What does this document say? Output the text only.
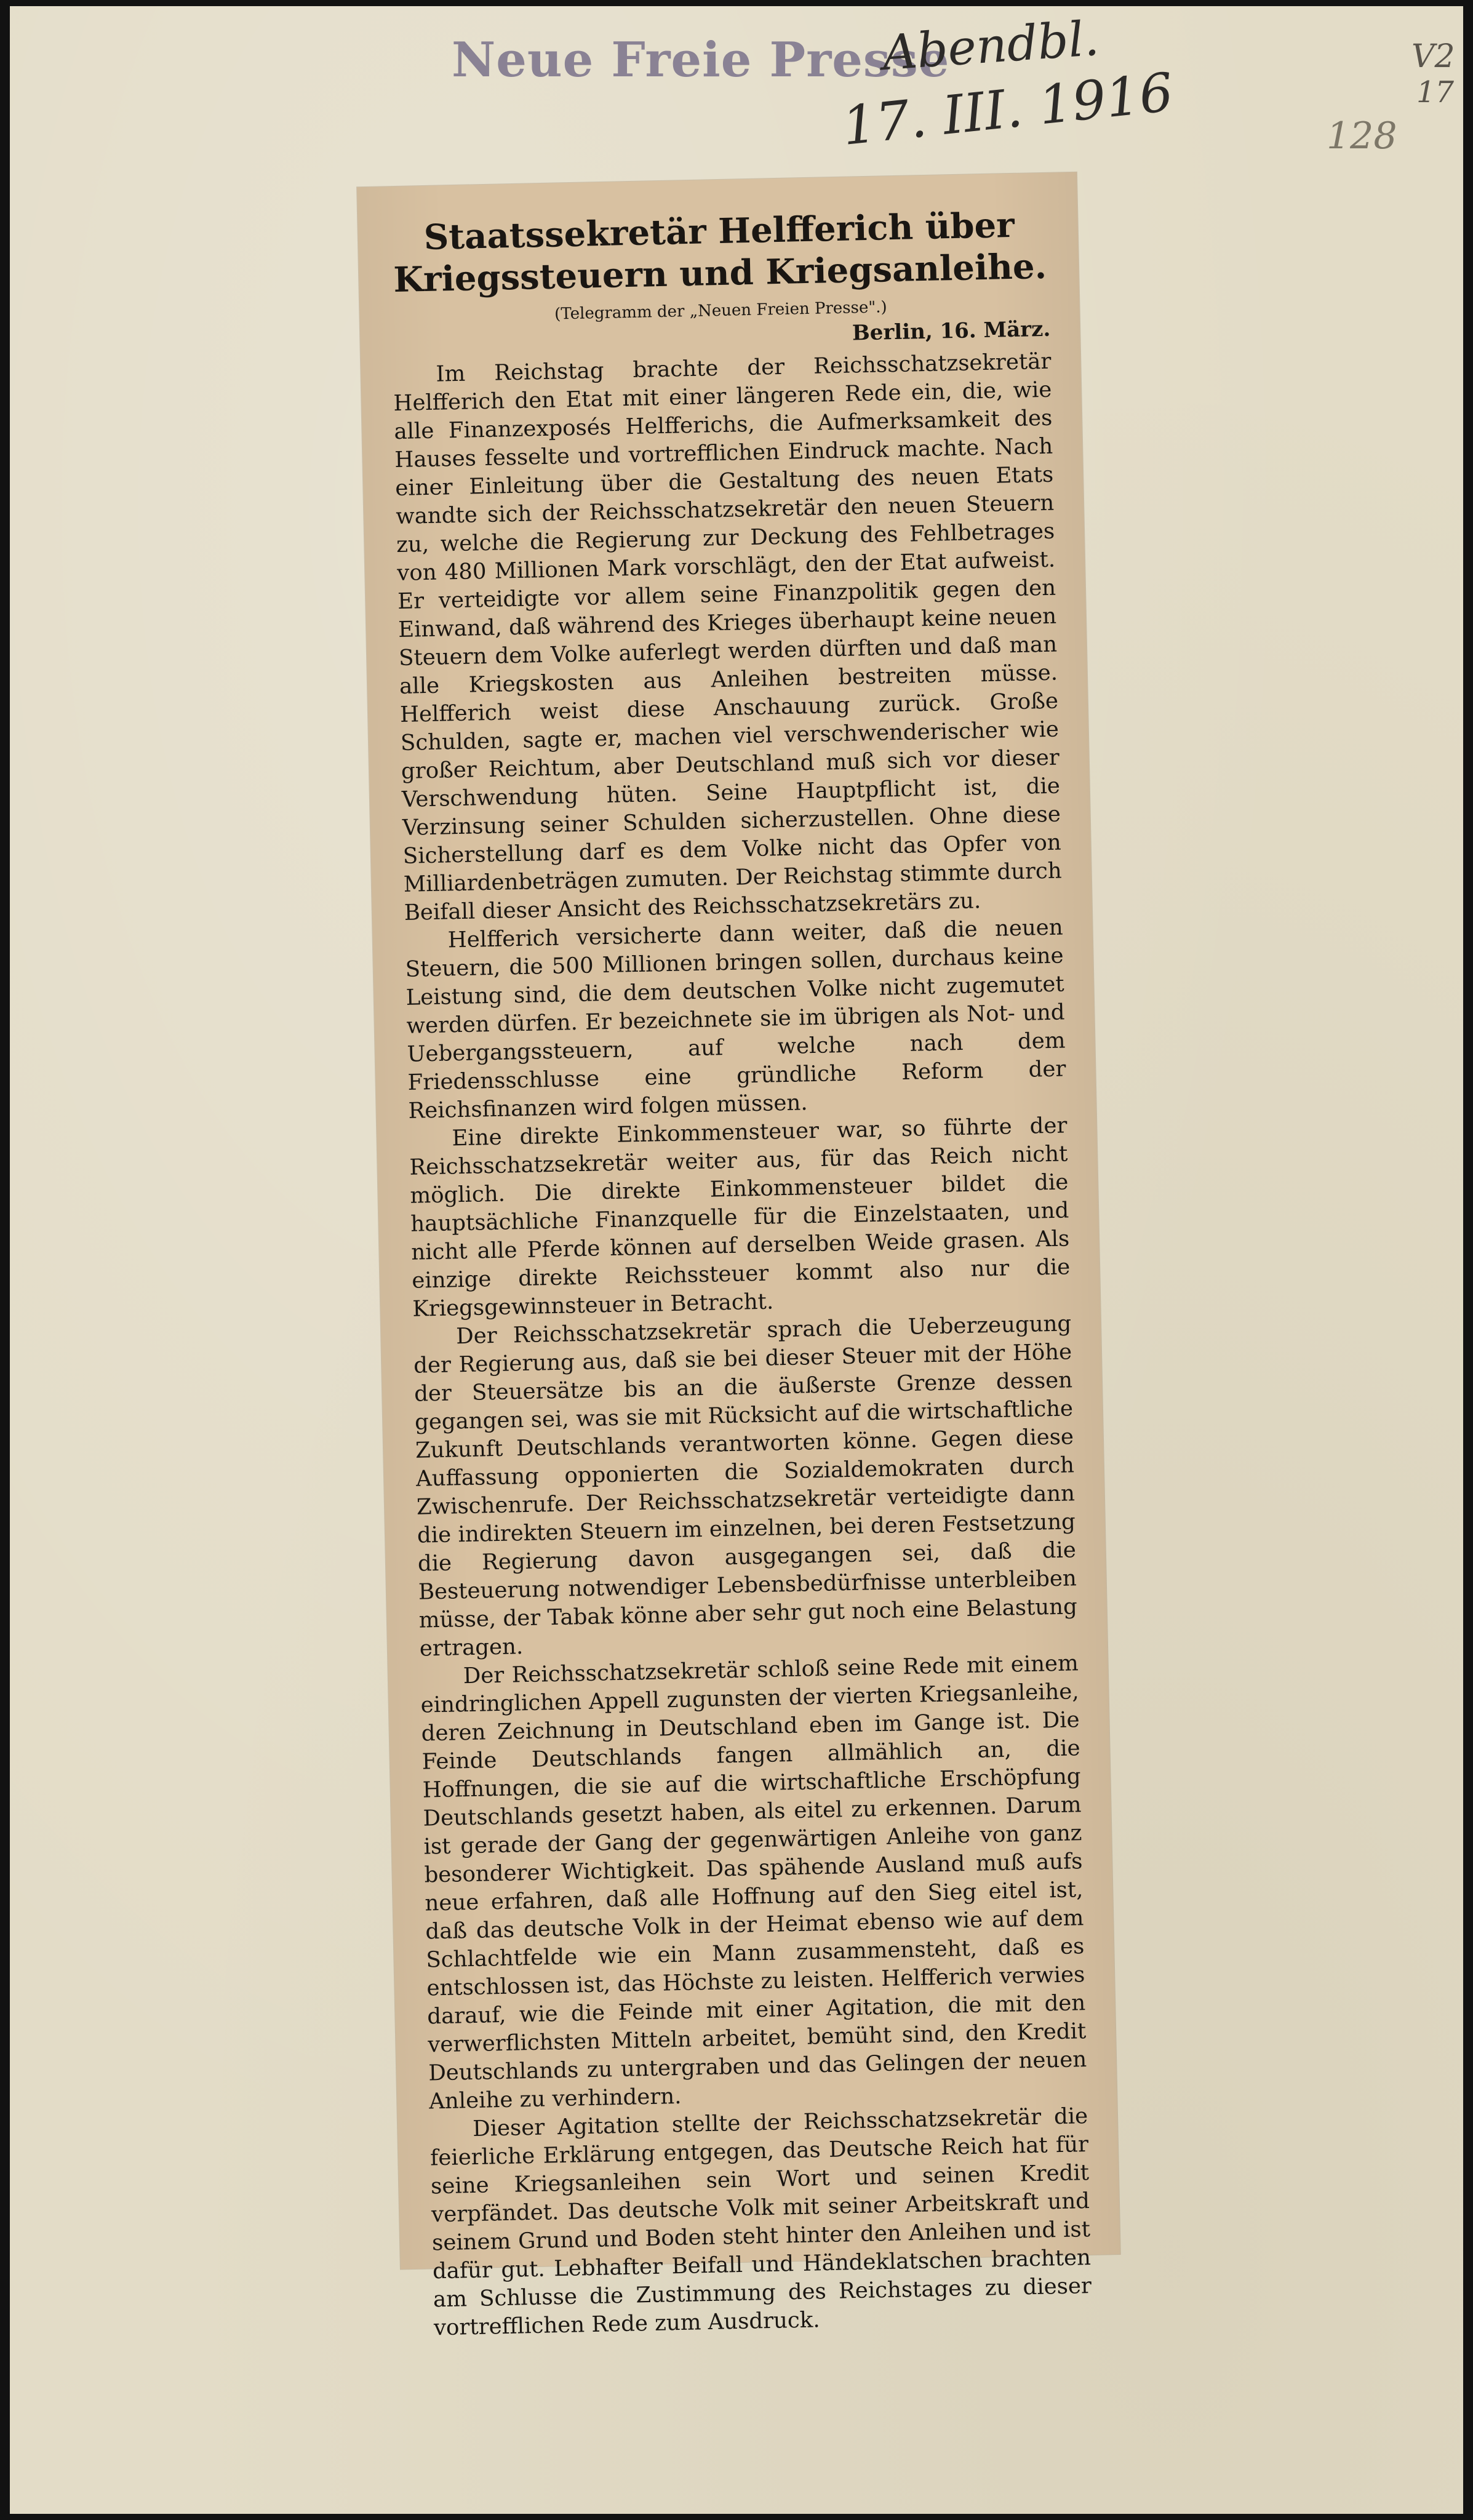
Neue Freie Presse
Abendbl.
17. III. 1916
V2
17
128
Staatssekretär Helfferich über Kriegssteuern und Kriegsanleihe.
(Telegramm der „Neuen Freien Presse".)
Berlin, 16. März.

Im Reichstag brachte der Reichsschatzsekretär Helfferich den Etat mit einer längeren Rede ein, die, wie alle Finanzexposés Helfferichs, die Aufmerksamkeit des Hauses fesselte und vortrefflichen Eindruck machte. Nach einer Einleitung über die Gestaltung des neuen Etats wandte sich der Reichsschatzsekretär den neuen Steuern zu, welche die Regierung zur Deckung des Fehlbetrages von 480 Millionen Mark vorschlägt, den der Etat aufweist. Er verteidigte vor allem seine Finanzpolitik gegen den Einwand, daß während des Krieges überhaupt keine neuen Steuern dem Volke auferlegt werden dürften und daß man alle Kriegskosten aus Anleihen bestreiten müsse. Helfferich weist diese Anschauung zurück. Große Schulden, sagte er, machen viel verschwenderischer wie großer Reichtum, aber Deutschland muß sich vor dieser Verschwendung hüten. Seine Hauptpflicht ist, die Verzinsung seiner Schulden sicherzustellen. Ohne diese Sicherstellung darf es dem Volke nicht das Opfer von Milliardenbeträgen zumuten. Der Reichstag stimmte durch Beifall dieser Ansicht des Reichsschatzsekretärs zu.

Helfferich versicherte dann weiter, daß die neuen Steuern, die 500 Millionen bringen sollen, durchaus keine Leistung sind, die dem deutschen Volke nicht zugemutet werden dürfen. Er bezeichnete sie im übrigen als Not- und Uebergangssteuern, auf welche nach dem Friedensschlusse eine gründliche Reform der Reichsfinanzen wird folgen müssen.

Eine direkte Einkommensteuer war, so führte der Reichsschatzsekretär weiter aus, für das Reich nicht möglich. Die direkte Einkommensteuer bildet die hauptsächliche Finanzquelle für die Einzelstaaten, und nicht alle Pferde können auf derselben Weide grasen. Als einzige direkte Reichssteuer kommt also nur die Kriegsgewinnsteuer in Betracht.

Der Reichsschatzsekretär sprach die Ueberzeugung der Regierung aus, daß sie bei dieser Steuer mit der Höhe der Steuersätze bis an die äußerste Grenze dessen gegangen sei, was sie mit Rücksicht auf die wirtschaftliche Zukunft Deutschlands verantworten könne. Gegen diese Auffassung opponierten die Sozialdemokraten durch Zwischenrufe. Der Reichsschatzsekretär verteidigte dann die indirekten Steuern im einzelnen, bei deren Festsetzung die Regierung davon ausgegangen sei, daß die Besteuerung notwendiger Lebensbedürfnisse unterbleiben müsse, der Tabak könne aber sehr gut noch eine Belastung ertragen.

Der Reichsschatzsekretär schloß seine Rede mit einem eindringlichen Appell zugunsten der vierten Kriegsanleihe, deren Zeichnung in Deutschland eben im Gange ist. Die Feinde Deutschlands fangen allmählich an, die Hoffnungen, die sie auf die wirtschaftliche Erschöpfung Deutschlands gesetzt haben, als eitel zu erkennen. Darum ist gerade der Gang der gegenwärtigen Anleihe von ganz besonderer Wichtigkeit. Das spähende Ausland muß aufs neue erfahren, daß alle Hoffnung auf den Sieg eitel ist, daß das deutsche Volk in der Heimat ebenso wie auf dem Schlachtfelde wie ein Mann zusammensteht, daß es entschlossen ist, das Höchste zu leisten. Helfferich verwies darauf, wie die Feinde mit einer Agitation, die mit den verwerflichsten Mitteln arbeitet, bemüht sind, den Kredit Deutschlands zu untergraben und das Gelingen der neuen Anleihe zu verhindern.

Dieser Agitation stellte der Reichsschatzsekretär die feierliche Erklärung entgegen, das Deutsche Reich hat für seine Kriegsanleihen sein Wort und seinen Kredit verpfändet. Das deutsche Volk mit seiner Arbeitskraft und seinem Grund und Boden steht hinter den Anleihen und ist dafür gut. Lebhafter Beifall und Händeklatschen brachten am Schlusse die Zustimmung des Reichstages zu dieser vortrefflichen Rede zum Ausdruck.
